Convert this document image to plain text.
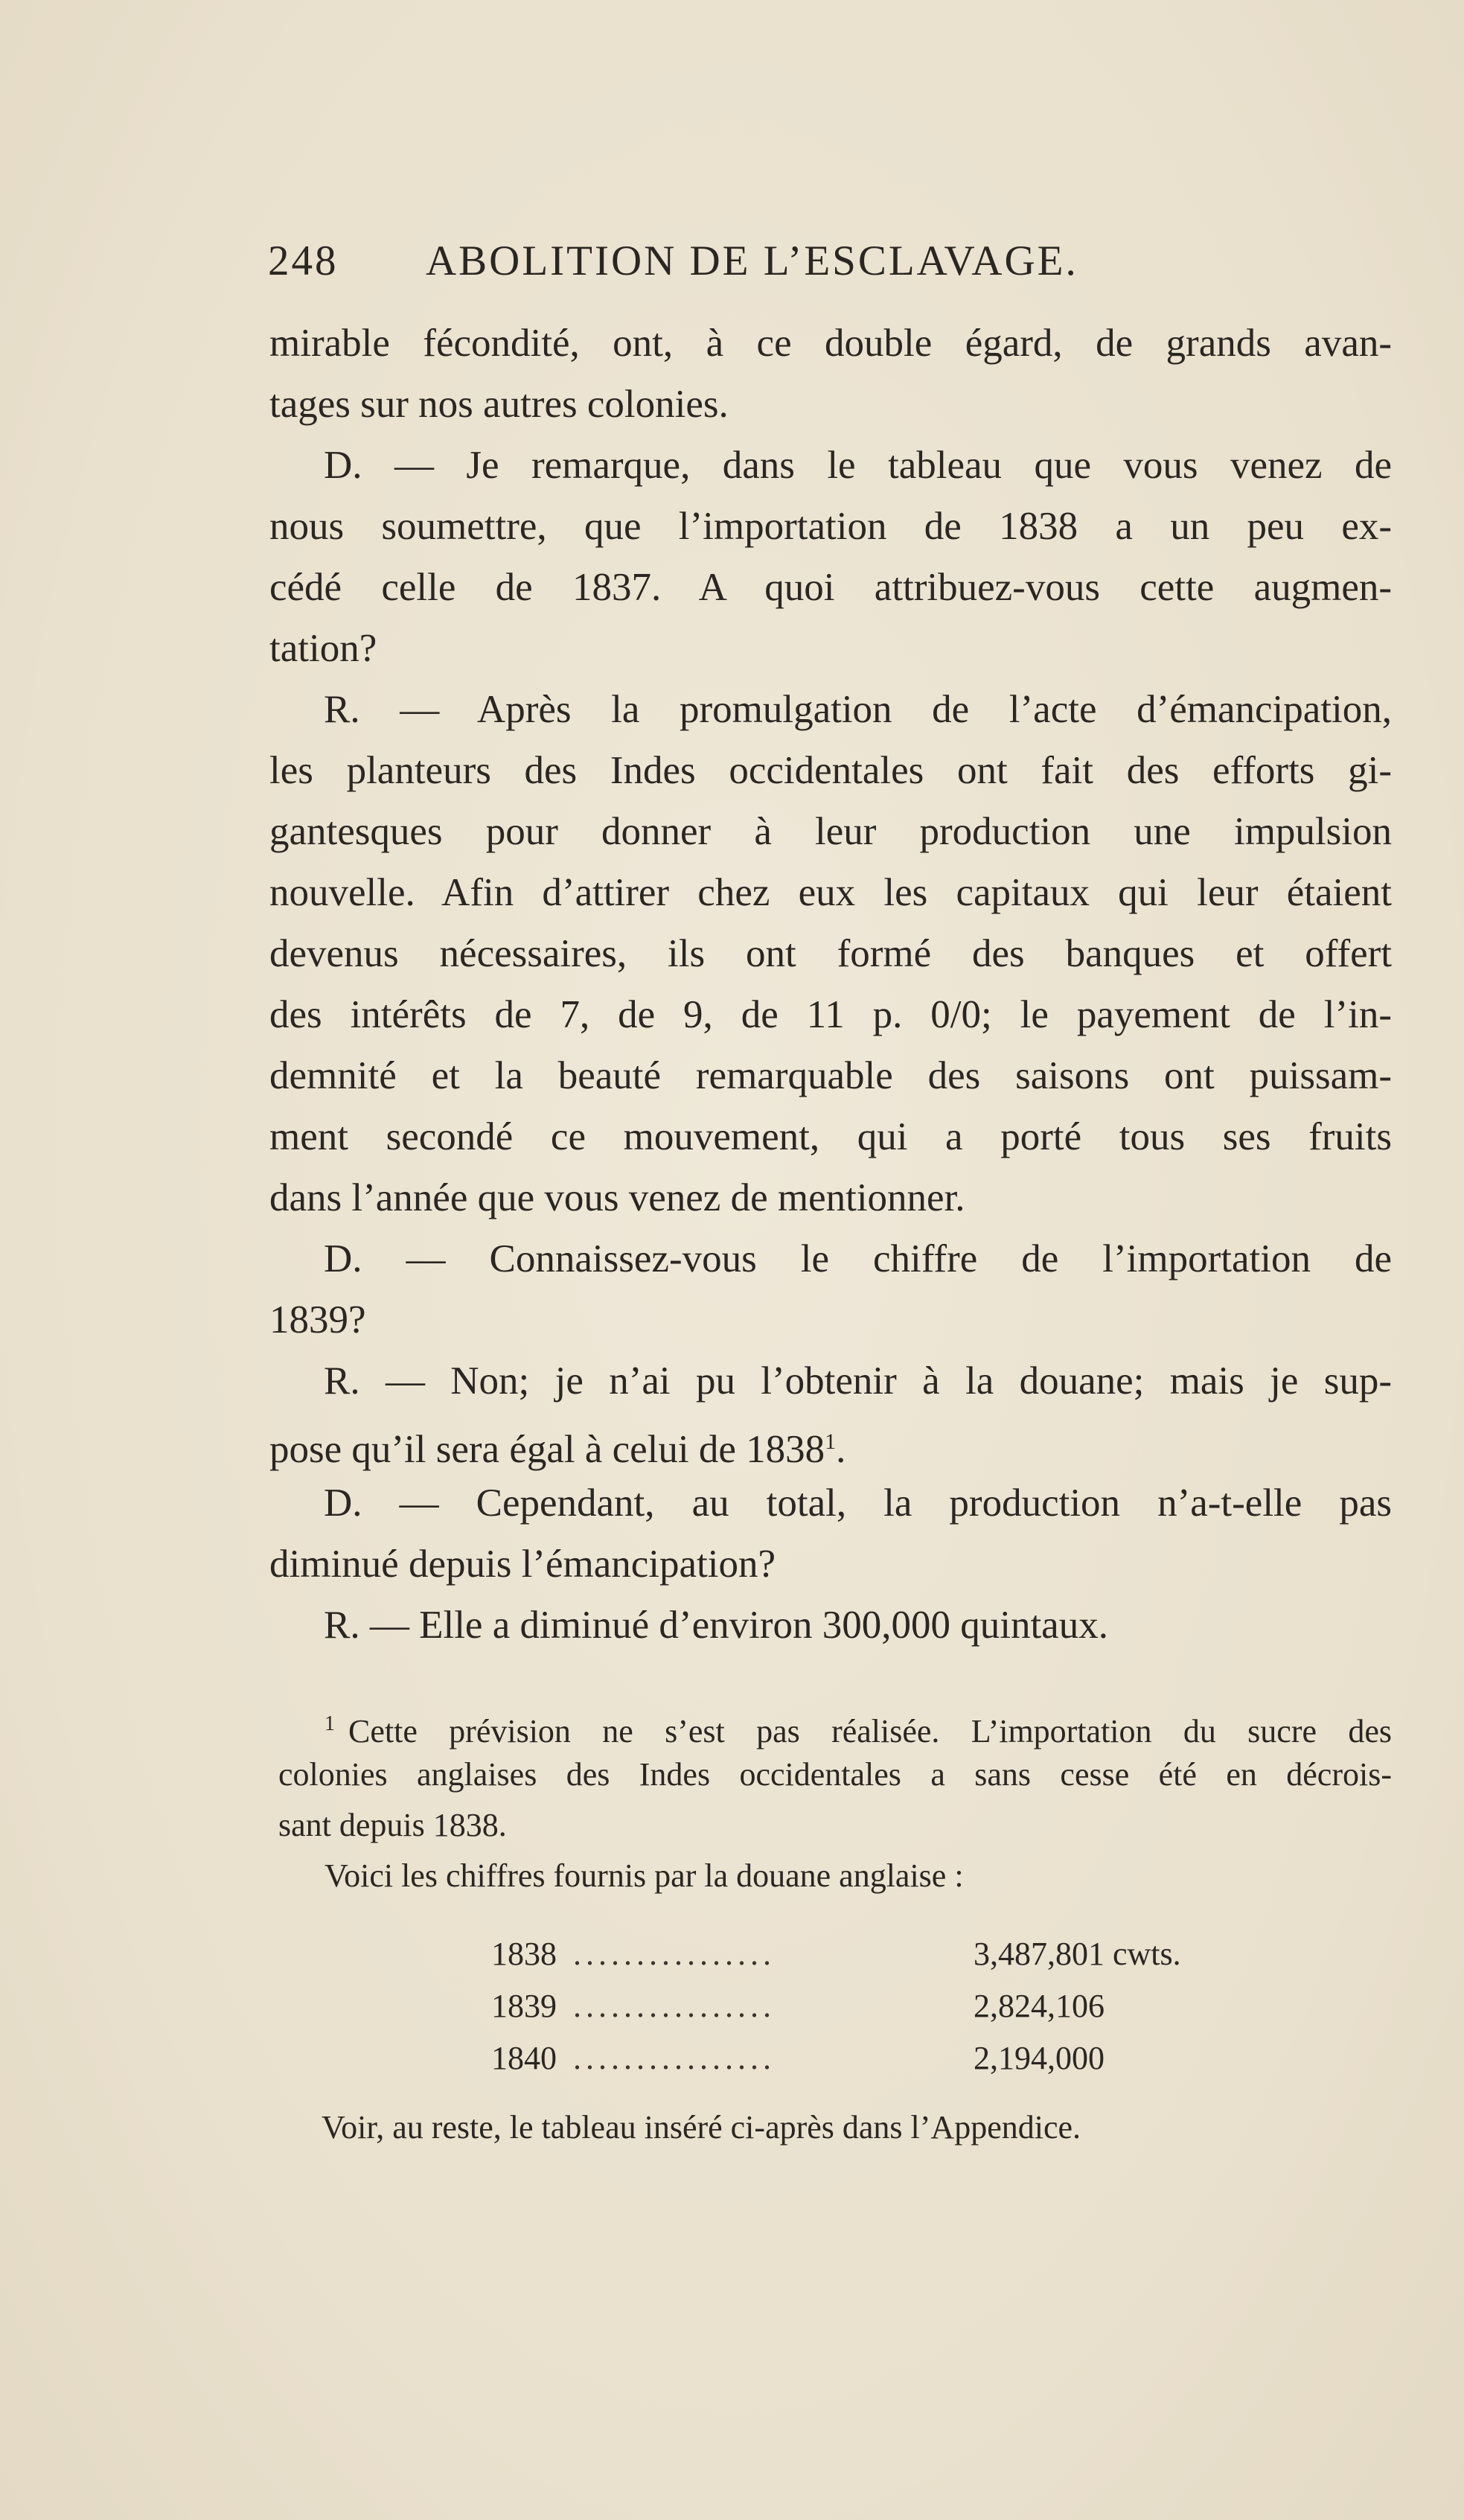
248 ABOLITION DE L’ESCLAVAGE.
mirable fécondité, ont, à ce double égard, de grands avan-
tages sur nos autres colonies.
D. — Je remarque, dans le tableau que vous venez de
nous soumettre, que l’importation de 1838 a un peu ex-
cédé celle de 1837. A quoi attribuez-vous cette augmen-
tation?
R. — Après la promulgation de l’acte d’émancipation,
les planteurs des Indes occidentales ont fait des efforts gi-
gantesques pour donner à leur production une impulsion
nouvelle. Afin d’attirer chez eux les capitaux qui leur étaient
devenus nécessaires, ils ont formé des banques et offert
des intérêts de 7, de 9, de 11 p. 0/0; le payement de l’in-
demnité et la beauté remarquable des saisons ont puissam-
ment secondé ce mouvement, qui a porté tous ses fruits
dans l’année que vous venez de mentionner.
D. — Connaissez-vous le chiffre de l’importation de
1839?
R. — Non; je n’ai pu l’obtenir à la douane; mais je sup-
pose qu’il sera égal à celui de 1838$^1$.
D. — Cependant, au total, la production n’a-t-elle pas
diminué depuis l’émancipation?
R. — Elle a diminué d’environ 300,000 quintaux.
$^1$ Cette prévision ne s’est pas réalisée. L’importation du sucre des
colonies anglaises des Indes occidentales a sans cesse été en décrois-
sant depuis 1838.
Voici les chiffres fournis par la douane anglaise :
1838 ................	3,487,801 cwts.
1839 ................	2,824,106
1840 ................	2,194,000
Voir, au reste, le tableau inséré ci-après dans l’Appendice.
